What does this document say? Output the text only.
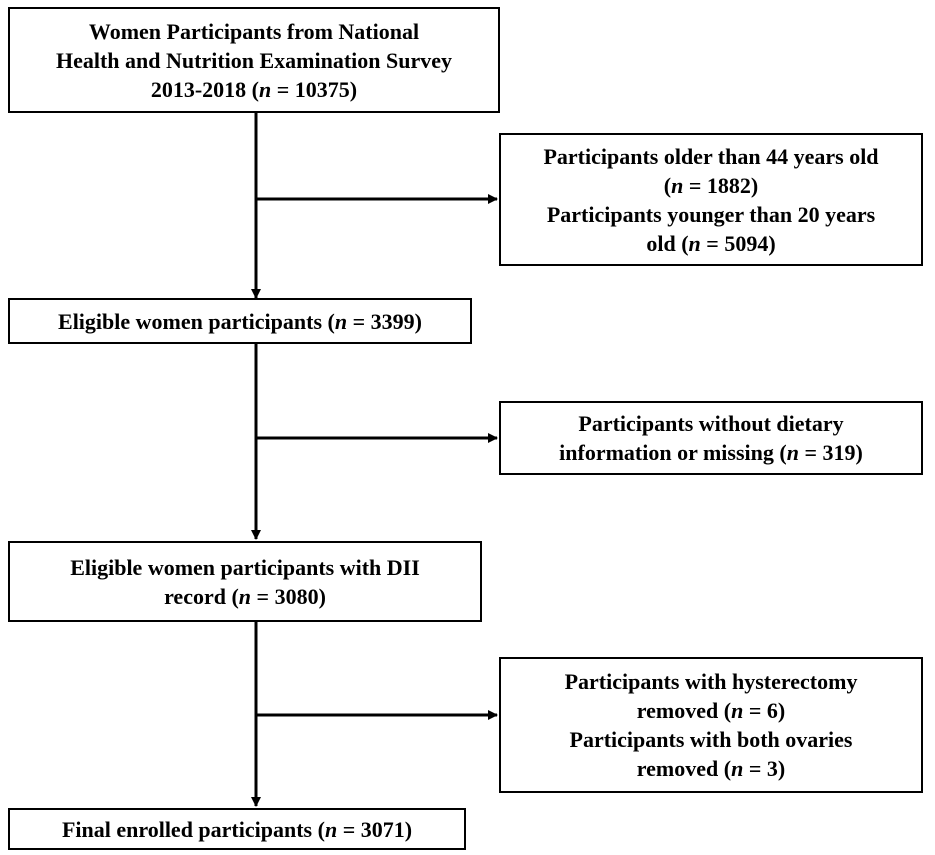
Women Participants from National
Health and Nutrition Examination Survey
2013-2018 (n = 10375)
Participants older than 44 years old
(n = 1882)
Participants younger than 20 years
old (n = 5094)
Eligible women participants (n = 3399)
Participants without dietary
information or missing (n = 319)
Eligible women participants with DII
record (n = 3080)
Participants with hysterectomy
removed (n = 6)
Participants with both ovaries
removed (n = 3)
Final enrolled participants (n = 3071)
